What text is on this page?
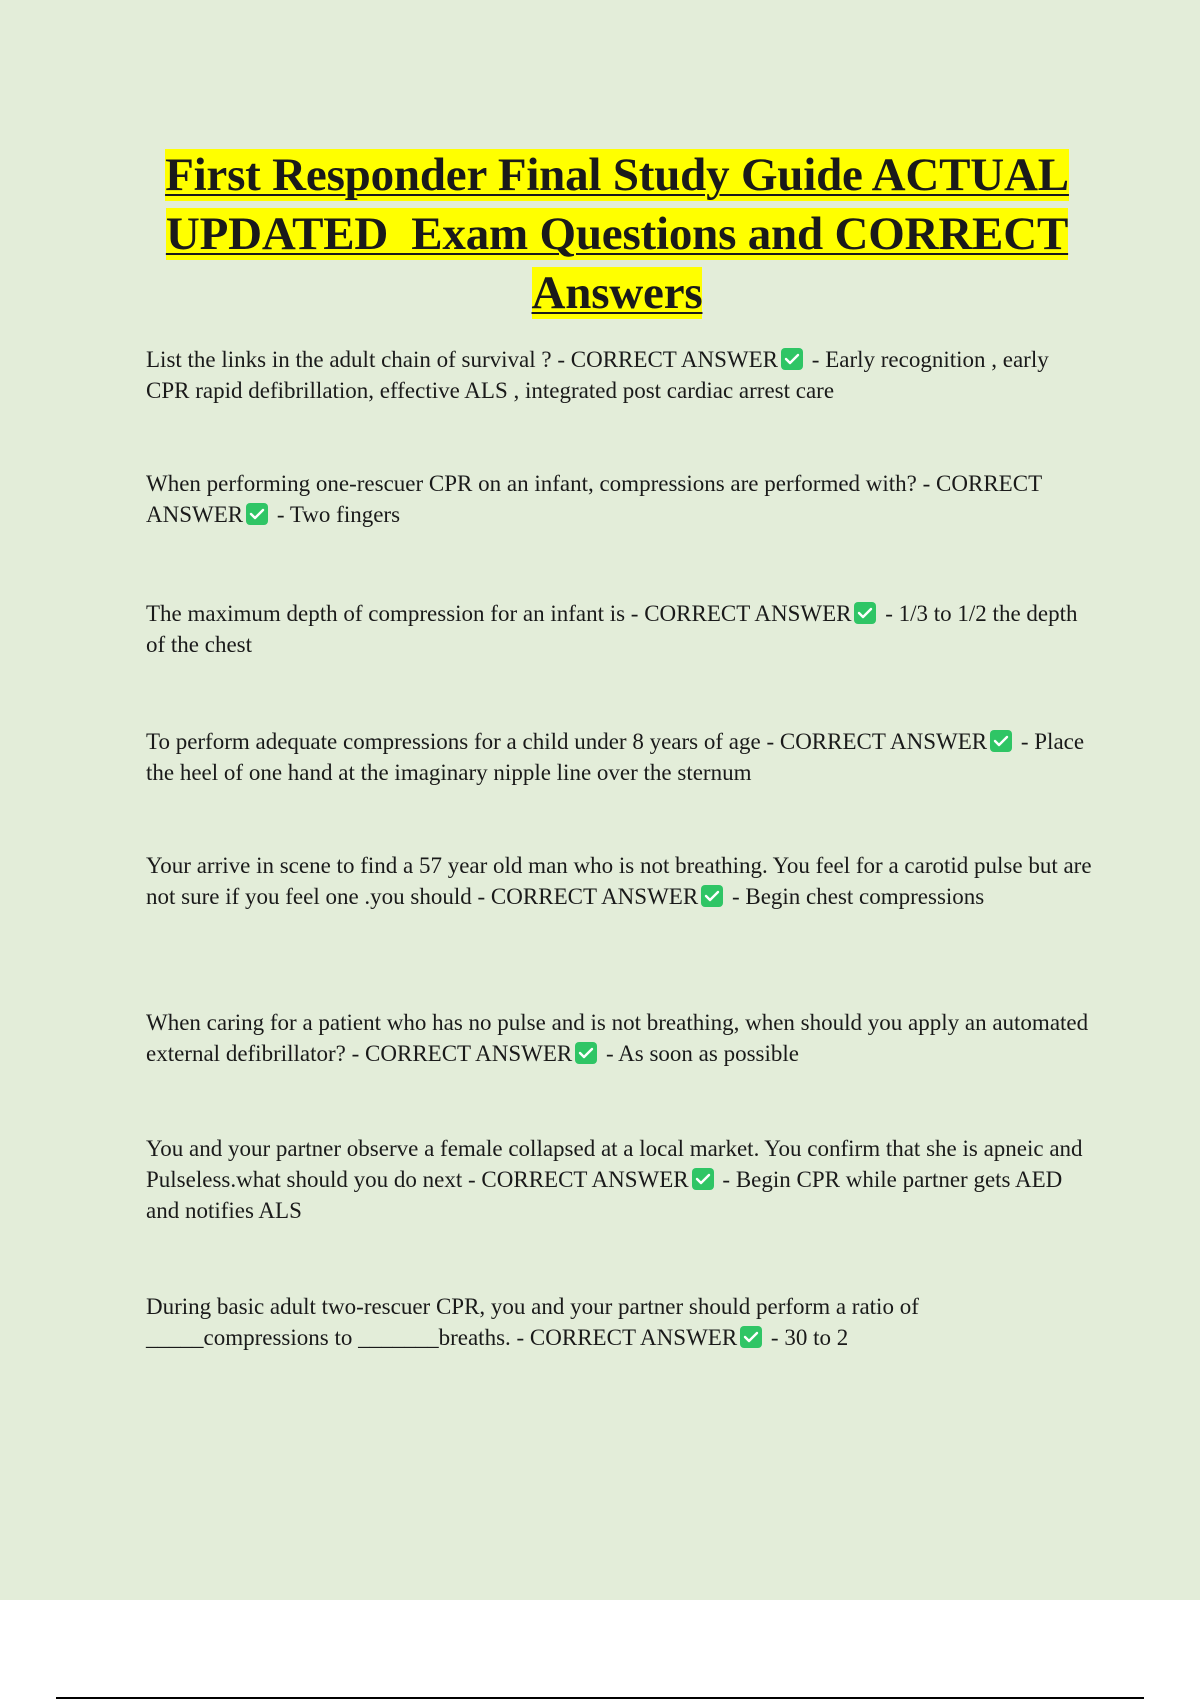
First Responder Final Study Guide ACTUAL
UPDATED  Exam Questions and CORRECT
Answers

List the links in the adult chain of survival ? - CORRECT ANSWER
- Early recognition , early CPR rapid defibrillation, effective ALS , integrated post cardiac arrest care

When performing one-rescuer CPR on an infant, compressions are performed with? - CORRECT ANSWER
- Two fingers

The maximum depth of compression for an infant is - CORRECT ANSWER
- 1/3 to 1/2 the depth of the chest

To perform adequate compressions for a child under 8 years of age - CORRECT ANSWER
- Place the heel of one hand at the imaginary nipple line over the sternum

Your arrive in scene to find a 57 year old man who is not breathing. You feel for a carotid pulse but are not sure if you feel one .you should - CORRECT ANSWER
- Begin chest compressions

When caring for a patient who has no pulse and is not breathing, when should you apply an automated external defibrillator? - CORRECT ANSWER
- As soon as possible

You and your partner observe a female collapsed at a local market. You confirm that she is apneic and Pulseless.what should you do next - CORRECT ANSWER
- Begin CPR while partner gets AED and notifies ALS

During basic adult two-rescuer CPR, you and your partner should perform a ratio of _____compressions to _______breaths. - CORRECT ANSWER
- 30 to 2
